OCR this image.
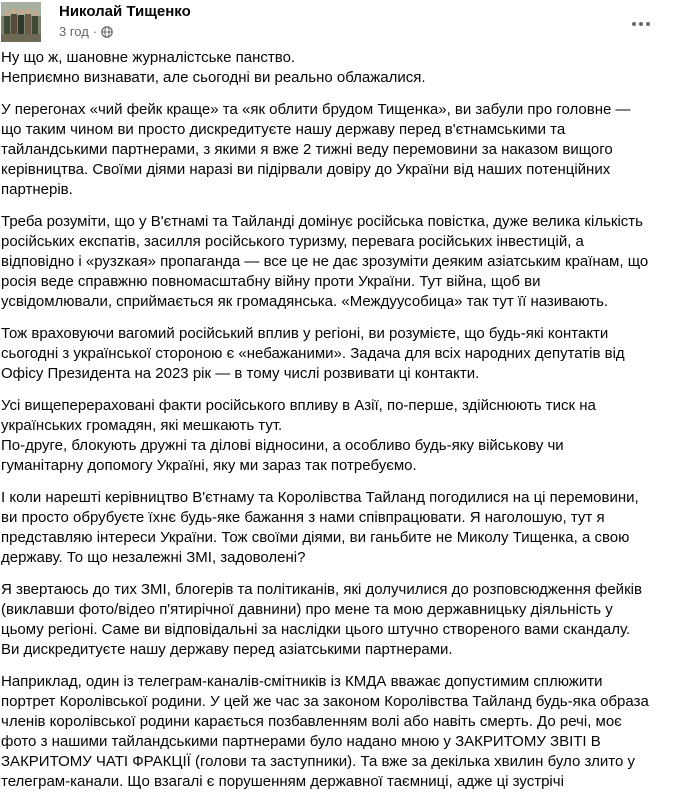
Николай Тищенко
3 год ·

Ну що ж, шановне журналістське панство.
Неприємно визнавати, але сьогодні ви реально облажалися.

У перегонах «чий фейк краще» та «як облити брудом Тищенка», ви забули про головне —
що таким чином ви просто дискредитуєте нашу державу перед в'єтнамськими та
тайландськими партнерами, з якими я вже 2 тижні веду перемовини за наказом вищого
керівництва. Своїми діями наразі ви підірвали довіру до України від наших потенційних
партнерів.

Треба розуміти, що у В'єтнамі та Тайланді домінує російська повістка, дуже велика кількість
російських експатів, засилля російського туризму, перевага російських інвестицій, а
відповідно і «рузzкая» пропаганда — все це не дає зрозуміти деяким азіатським країнам, що
росія веде справжню повномасштабну війну проти України. Тут війна, щоб ви
усвідомлювали, сприймається як громадянська. «Междуусобица» так тут її називають.

Тож враховуючи вагомий російський вплив у регіоні, ви розумієте, що будь-які контакти
сьогодні з української стороною є «небажаними». Задача для всіх народних депутатів від
Офісу Президента на 2023 рік — в тому числі розвивати ці контакти.

Усі вищеперераховані факти російського впливу в Азії, по-перше, здійснюють тиск на
українських громадян, які мешкають тут.
По-друге, блокують дружні та ділові відносини, а особливо будь-яку військову чи
гуманітарну допомогу Україні, яку ми зараз так потребуємо.

І коли нарешті керівництво В'єтнаму та Королівства Тайланд погодилися на ці перемовини,
ви просто обрубуєте їхнє будь-яке бажання з нами співпрацювати. Я наголошую, тут я
представляю інтереси України. Тож своїми діями, ви ганьбите не Миколу Тищенка, а свою
державу. То що незалежні ЗМІ, задоволені?

Я звертаюсь до тих ЗМІ, блогерів та політиканів, які долучилися до розповсюдження фейків
(виклавши фото/відео п'ятирічної давнини) про мене та мою державницьку діяльність у
цьому регіоні. Саме ви відповідальні за наслідки цього штучно створеного вами скандалу.
Ви дискредитуєте нашу державу перед азіатськими партнерами.

Наприклад, один із телеграм-каналів-смітників із КМДА вважає допустимим сплюжити
портрет Королівської родини. У цей же час за законом Королівства Тайланд будь-яка образа
членів королівської родини карається позбавленням волі або навіть смерть. До речі, моє
фото з нашими тайландськими партнерами було надано мною у ЗАКРИТОМУ ЗВІТІ В
ЗАКРИТОМУ ЧАТІ ФРАКЦІЇ (голови та заступники). Та вже за декілька хвилин було злито у
телеграм-канали. Що взагалі є порушенням державної таємниці, адже ці зустрічі
